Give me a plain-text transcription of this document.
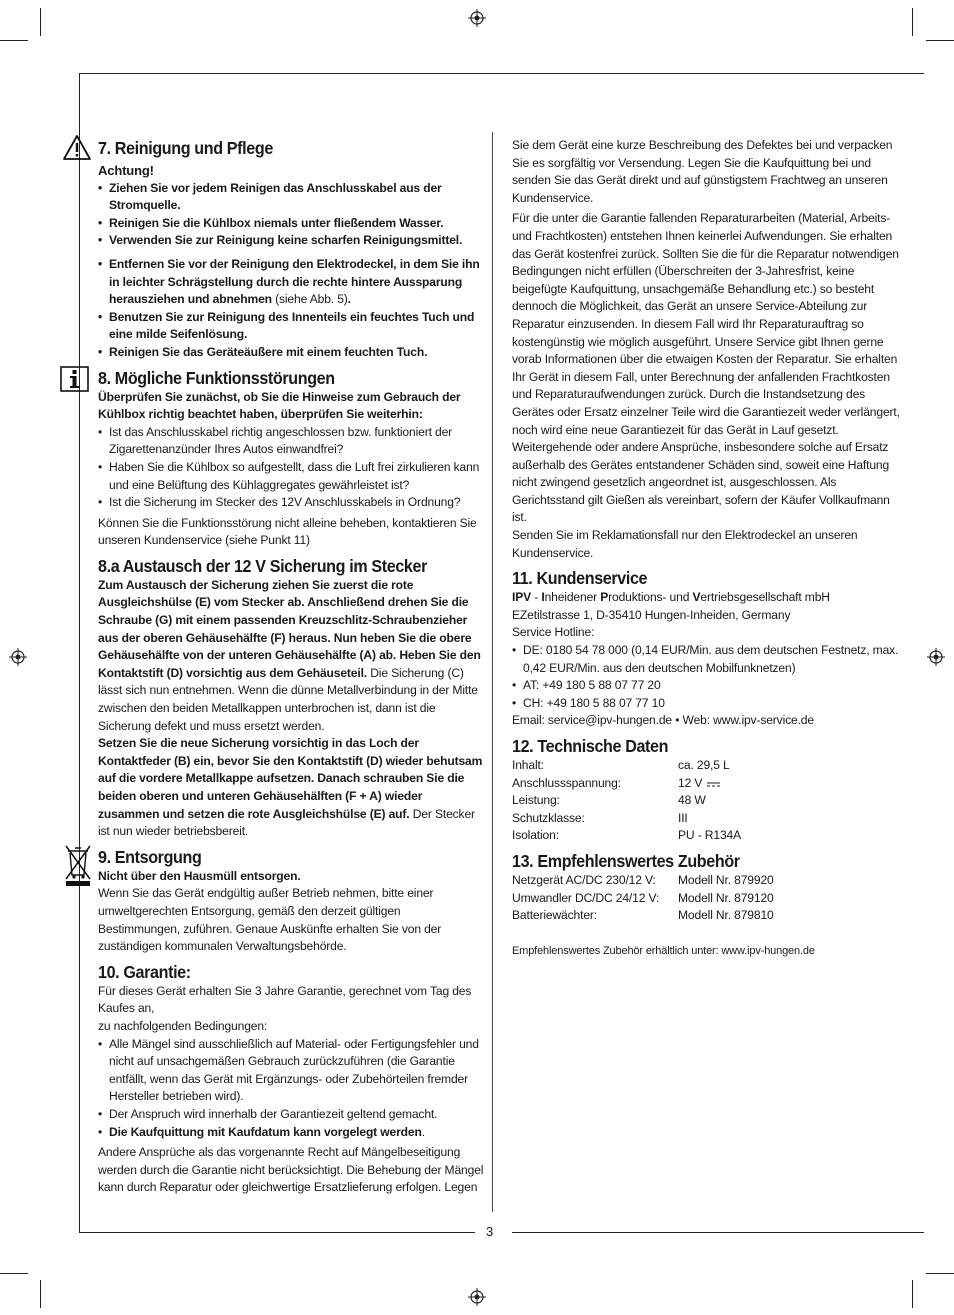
3
7. Reinigung und Pflege
Achtung!
• Ziehen Sie vor jedem Reinigen das Anschlusskabel aus der Stromquelle.
• Reinigen Sie die Kühlbox niemals unter fließendem Wasser.
• Verwenden Sie zur Reinigung keine scharfen Reinigungsmittel.
• Entfernen Sie vor der Reinigung den Elektrodeckel, in dem Sie ihn in leichter Schrägstellung durch die rechte hintere Aussparung herausziehen und abnehmen (siehe Abb. 5).
• Benutzen Sie zur Reinigung des Innenteils ein feuchtes Tuch und eine milde Seifenlösung.
• Reinigen Sie das Geräteäußere mit einem feuchten Tuch.
8. Mögliche Funktionsstörungen

Überprüfen Sie zunächst, ob Sie die Hinweise zum Gebrauch der Kühlbox richtig beachtet haben, überprüfen Sie weiterhin:

• Ist das Anschlusskabel richtig angeschlossen bzw. funktioniert der Zigarettenanzünder Ihres Autos einwandfrei?
• Haben Sie die Kühlbox so aufgestellt, dass die Luft frei zirkulieren kann und eine Belüftung des Kühlaggregates gewährleistet ist?
• Ist die Sicherung im Stecker des 12V Anschlusskabels in Ordnung?

Können Sie die Funktionsstörung nicht alleine beheben, kontaktieren Sie unseren Kundenservice (siehe Punkt 11)

8.a Austausch der 12 V Sicherung im Stecker

Zum Austausch der Sicherung ziehen Sie zuerst die rote Ausgleichshülse (E) vom Stecker ab. Anschließend drehen Sie die Schraube (G) mit einem passenden Kreuzschlitz-Schraubenzieher aus der oberen Gehäusehälfte (F) heraus. Nun heben Sie die obere Gehäusehälfte von der unteren Gehäusehälfte (A) ab. Heben Sie den Kontaktstift (D) vorsichtig aus dem Gehäuseteil. Die Sicherung (C) lässt sich nun entnehmen. Wenn die dünne Metallverbindung in der Mitte zwischen den beiden Metallkappen unterbrochen ist, dann ist die Sicherung defekt und muss ersetzt werden.

Setzen Sie die neue Sicherung vorsichtig in das Loch der Kontaktfeder (B) ein, bevor Sie den Kontaktstift (D) wieder behutsam auf die vordere Metallkappe aufsetzen. Danach schrauben Sie die beiden oberen und unteren Gehäusehälften (F + A) wieder zusammen und setzen die rote Ausgleichshülse (E) auf. Der Stecker ist nun wieder betriebsbereit.

9. Entsorgung

Nicht über den Hausmüll entsorgen.

Wenn Sie das Gerät endgültig außer Betrieb nehmen, bitte einer umweltgerechten Entsorgung, gemäß den derzeit gültigen Bestimmungen, zuführen. Genaue Auskünfte erhalten Sie von der zuständigen kommunalen Verwaltungsbehörde.

10. Garantie:

Für dieses Gerät erhalten Sie 3 Jahre Garantie, gerechnet vom Tag des Kaufes an,

zu nachfolgenden Bedingungen:

• Alle Mängel sind ausschließlich auf Material- oder Fertigungsfehler und nicht auf unsachgemäßen Gebrauch zurückzuführen (die Garantie entfällt, wenn das Gerät mit Ergänzungs- oder Zubehörteilen fremder Hersteller betrieben wird).
• Der Anspruch wird innerhalb der Garantiezeit geltend gemacht.
• Die Kaufquittung mit Kaufdatum kann vorgelegt werden.

Andere Ansprüche als das vorgenannte Recht auf Mängelbeseitigung werden durch die Garantie nicht berücksichtigt. Die Behebung der Mängel kann durch Reparatur oder gleichwertige Ersatzlieferung erfolgen. Legen

Sie dem Gerät eine kurze Beschreibung des Defektes bei und verpacken Sie es sorgfältig vor Versendung. Legen Sie die Kaufquittung bei und senden Sie das Gerät direkt und auf günstigstem Frachtweg an unseren Kundenservice.

Für die unter die Garantie fallenden Reparaturarbeiten (Material, Arbeits- und Frachtkosten) entstehen Ihnen keinerlei Aufwendungen. Sie erhalten das Gerät kostenfrei zurück. Sollten Sie die für die Reparatur notwendigen Bedingungen nicht erfüllen (Überschreiten der 3-Jahresfrist, keine beigefügte Kaufquittung, unsachgemäße Behandlung etc.) so besteht dennoch die Möglichkeit, das Gerät an unsere Service-Abteilung zur Reparatur einzusenden. In diesem Fall wird Ihr Reparaturauftrag so kostengünstig wie möglich ausgeführt. Unsere Service gibt Ihnen gerne vorab Informationen über die etwaigen Kosten der Reparatur. Sie erhalten Ihr Gerät in diesem Fall, unter Berechnung der anfallenden Frachtkosten und Reparaturaufwendungen zurück. Durch die Instandsetzung des Gerätes oder Ersatz einzelner Teile wird die Garantiezeit weder verlängert, noch wird eine neue Garantiezeit für das Gerät in Lauf gesetzt. Weitergehende oder andere Ansprüche, insbesondere solche auf Ersatz außerhalb des Gerätes entstandener Schäden sind, soweit eine Haftung nicht zwingend gesetzlich angeordnet ist, ausgeschlossen. Als Gerichtsstand gilt Gießen als vereinbart, sofern der Käufer Vollkaufmann ist.

Senden Sie im Reklamationsfall nur den Elektrodeckel an unseren Kundenservice.

11. Kundenservice

IPV - Inheidener Produktions- und Vertriebsgesellschaft mbH

EZetilstrasse 1, D-35410 Hungen-Inheiden, Germany

Service Hotline:

• DE: 0180 54 78 000 (0,14 EUR/Min. aus dem deutschen Festnetz, max. 0,42 EUR/Min. aus den deutschen Mobilfunknetzen)
• AT: +49 180 5 88 07 77 20
• CH: +49 180 5 88 07 77 10

Email: service@ipv-hungen.de • Web: www.ipv-service.de

12. Technische Daten
Inhalt:	ca. 29,5 L
Anschlussspannung:	12 V
Leistung:	48 W
Schutzklasse:	III
Isolation:	PU - R134A
13. Empfehlenswertes Zubehör
Netzgerät AC/DC 230/12 V:	Modell Nr. 879920
Umwandler DC/DC 24/12 V:	Modell Nr. 879120
Batteriewächter:	Modell Nr. 879810

Empfehlenswertes Zubehör erhältlich unter: www.ipv-hungen.de
